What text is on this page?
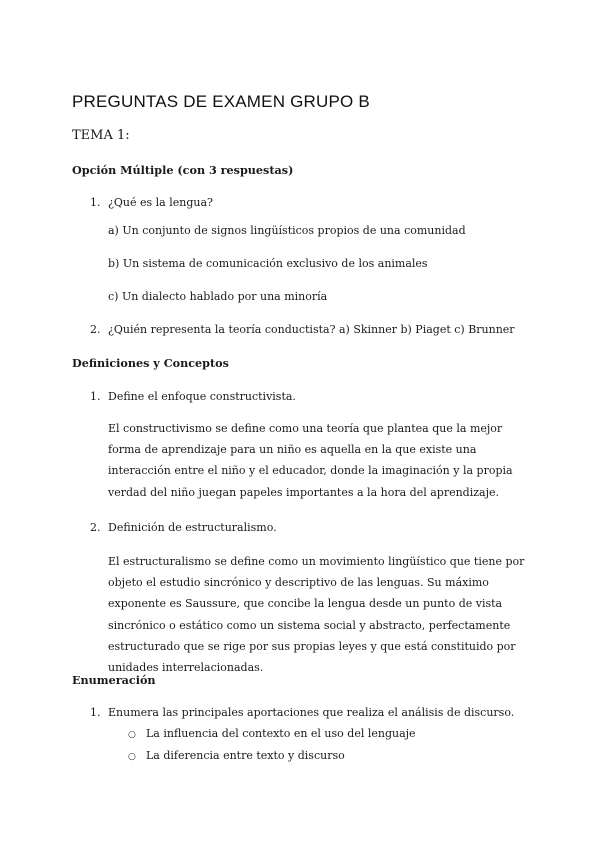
PREGUNTAS DE EXAMEN GRUPO B
TEMA 1:
Opción Múltiple (con 3 respuestas)
1. ¿Qué es la lengua?
a) Un conjunto de signos lingüísticos propios de una comunidad
b) Un sistema de comunicación exclusivo de los animales
c) Un dialecto hablado por una minoría
2. ¿Quién representa la teoría conductista? a) Skinner b) Piaget c) Brunner
Definiciones y Conceptos
1. Define el enfoque constructivista.
El constructivismo se define como una teoría que plantea que la mejor forma de aprendizaje para un niño es aquella en la que existe una interacción entre el niño y el educador, donde la imaginación y la propia verdad del niño juegan papeles importantes a la hora del aprendizaje.
2. Definición de estructuralismo.
El estructuralismo se define como un movimiento lingüístico que tiene por objeto el estudio sincrónico y descriptivo de las lenguas. Su máximo exponente es Saussure, que concibe la lengua desde un punto de vista sincrónico o estático como un sistema social y abstracto, perfectamente estructurado que se rige por sus propias leyes y que está constituido por unidades interrelacionadas.
Enumeración
1. Enumera las principales aportaciones que realiza el análisis de discurso.
○ La influencia del contexto en el uso del lenguaje
○ La diferencia entre texto y discurso
